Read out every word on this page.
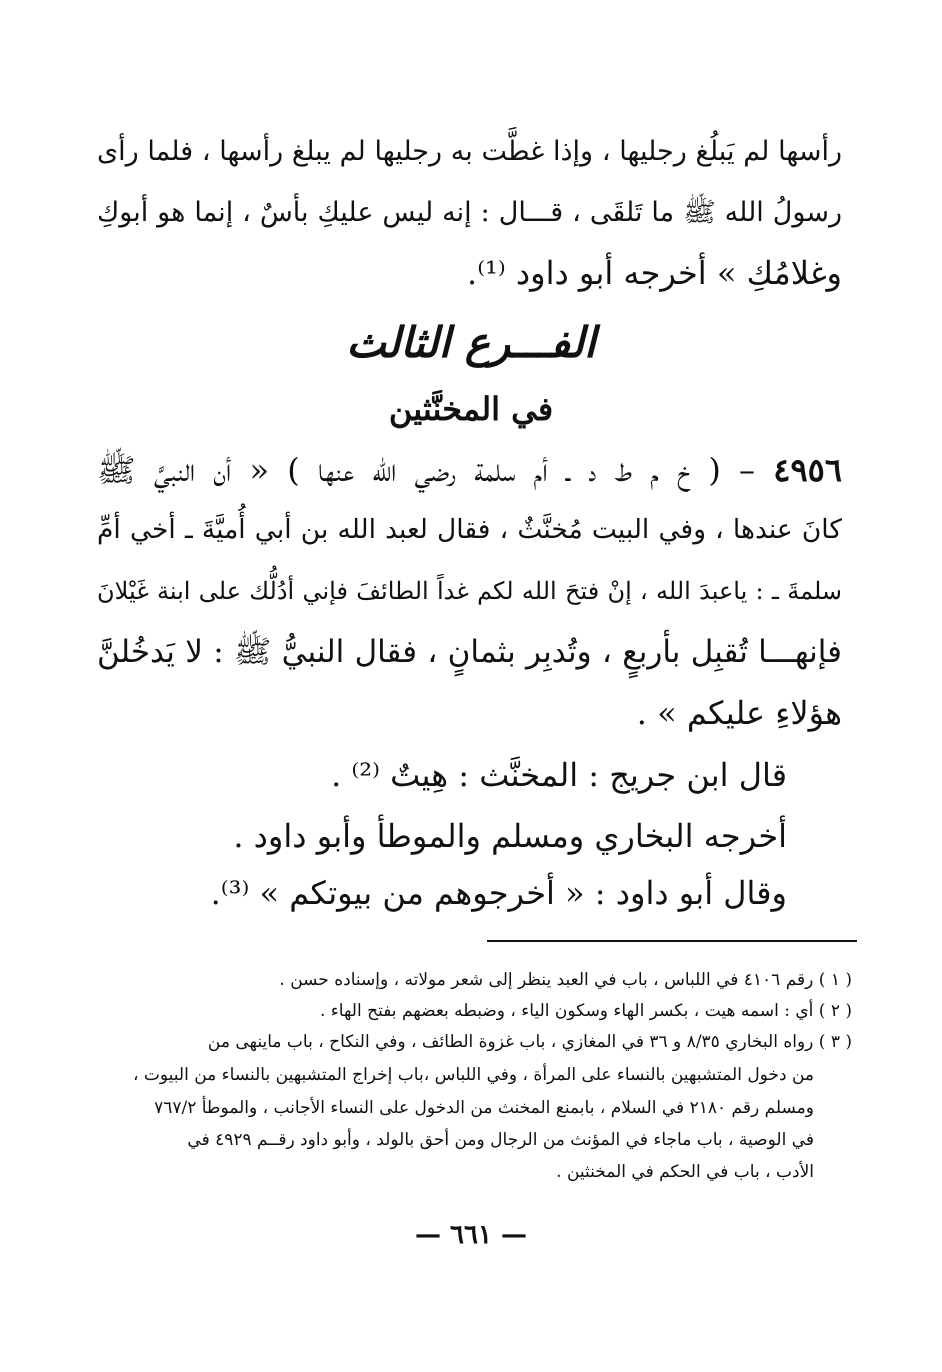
رأسها لم يَبلُغ رجليها ، وإذا غطَّت به رجليها لم يبلغ رأسها ، فلما رأى
رسولُ الله ﷺ ما تَلقَى ، قـــال : إنه ليس عليكِ بأسٌ ، إنما هو أبوكِ
وغلامُكِ » أخرجه أبو داود ⁽¹⁾.
الفـــرع الثالث
في المخنَّثين
٤٩٥٦ – ( خ م ط د ـ أم سلمة رضي الله عنها ) « أن النبيَّ ﷺ
كانَ عندها ، وفي البيت مُخنَّثٌ ، فقال لعبد الله بن أبي أُميَّةَ ـ أخي أمِّ
سلمةَ ـ : ياعبدَ الله ، إنْ فتحَ الله لكم غداً الطائفَ فإني أدُلُّك على ابنة غَيْلانَ
فإنهـــا تُقبِل بأربعٍ ، وتُدبِر بثمانٍ ، فقال النبيُّ ﷺ : لا يَدخُلنَّ
هؤلاءِ عليكم » .
قال ابن جريج : المخنَّث : هِيتٌ ⁽²⁾ .
أخرجه البخاري ومسلم والموطأ وأبو داود .
وقال أبو داود : « أخرجوهم من بيوتكم » ⁽³⁾.
( ١ ) رقم ٤١٠٦ في اللباس ، باب في العبد ينظر إلى شعر مولاته ، وإسناده حسن .
( ٢ ) أي : اسمه هيت ، بكسر الهاء وسكون الياء ، وضبطه بعضهم بفتح الهاء .
( ٣ ) رواه البخاري ٨/٣٥ و ٣٦ في المغازي ، باب غزوة الطائف ، وفي النكاح ، باب ماينهى من
من دخول المتشبهين بالنساء على المرأة ، وفي اللباس ،باب إخراج المتشبهين بالنساء من البيوت ،
ومسلم رقم ٢١٨٠ في السلام ، بابمنع المخنث من الدخول على النساء الأجانب ، والموطأ ٧٦٧/٢
في الوصية ، باب ماجاء في المؤنث من الرجال ومن أحق بالولد ، وأبو داود رقــم ٤٩٢٩ في
الأدب ، باب في الحكم في المخنثين .
— ٦٦١ —
